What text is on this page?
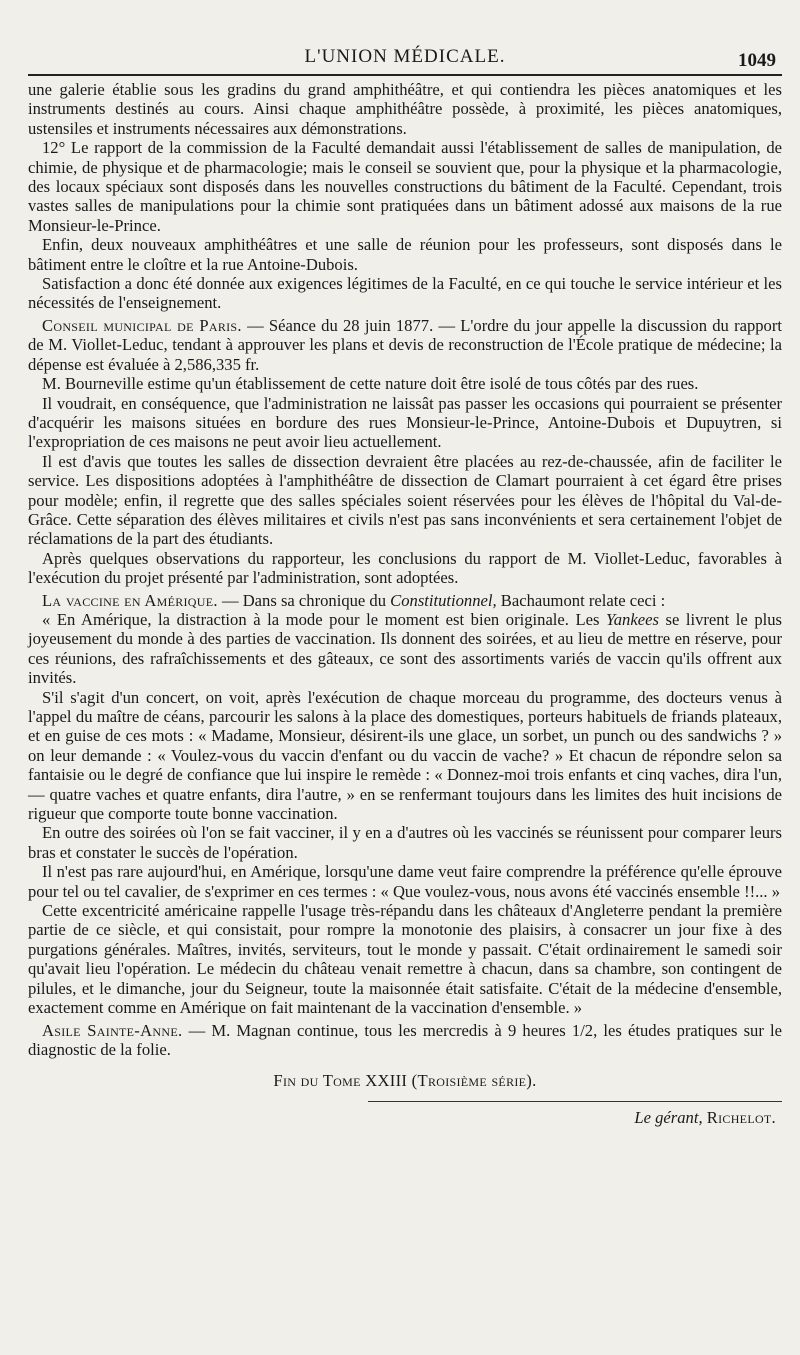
L'UNION MÉDICALE.	1049

une galerie établie sous les gradins du grand amphithéâtre, et qui contiendra les pièces anatomiques et les instruments destinés au cours. Ainsi chaque amphithéâtre possède, à proximité, les pièces anatomiques, ustensiles et instruments nécessaires aux démonstrations.

12° Le rapport de la commission de la Faculté demandait aussi l'établissement de salles de manipulation, de chimie, de physique et de pharmacologie; mais le conseil se souvient que, pour la physique et la pharmacologie, des locaux spéciaux sont disposés dans les nouvelles constructions du bâtiment de la Faculté. Cependant, trois vastes salles de manipulations pour la chimie sont pratiquées dans un bâtiment adossé aux maisons de la rue Monsieur-le-Prince.

Enfin, deux nouveaux amphithéâtres et une salle de réunion pour les professeurs, sont disposés dans le bâtiment entre le cloître et la rue Antoine-Dubois.

Satisfaction a donc été donnée aux exigences légitimes de la Faculté, en ce qui touche le service intérieur et les nécessités de l'enseignement.

Conseil municipal de Paris. — Séance du 28 juin 1877. — L'ordre du jour appelle la discussion du rapport de M. Viollet-Leduc, tendant à approuver les plans et devis de reconstruction de l'École pratique de médecine; la dépense est évaluée à 2,586,335 fr.

M. Bourneville estime qu'un établissement de cette nature doit être isolé de tous côtés par des rues.

Il voudrait, en conséquence, que l'administration ne laissât pas passer les occasions qui pourraient se présenter d'acquérir les maisons situées en bordure des rues Monsieur-le-Prince, Antoine-Dubois et Dupuytren, si l'expropriation de ces maisons ne peut avoir lieu actuellement.

Il est d'avis que toutes les salles de dissection devraient être placées au rez-de-chaussée, afin de faciliter le service. Les dispositions adoptées à l'amphithéâtre de dissection de Clamart pourraient à cet égard être prises pour modèle; enfin, il regrette que des salles spéciales soient réservées pour les élèves de l'hôpital du Val-de-Grâce. Cette séparation des élèves militaires et civils n'est pas sans inconvénients et sera certainement l'objet de réclamations de la part des étudiants.

Après quelques observations du rapporteur, les conclusions du rapport de M. Viollet-Leduc, favorables à l'exécution du projet présenté par l'administration, sont adoptées.

La vaccine en Amérique. — Dans sa chronique du Constitutionnel, Bachaumont relate ceci :

« En Amérique, la distraction à la mode pour le moment est bien originale. Les Yankees se livrent le plus joyeusement du monde à des parties de vaccination. Ils donnent des soirées, et au lieu de mettre en réserve, pour ces réunions, des rafraîchissements et des gâteaux, ce sont des assortiments variés de vaccin qu'ils offrent aux invités.

S'il s'agit d'un concert, on voit, après l'exécution de chaque morceau du programme, des docteurs venus à l'appel du maître de céans, parcourir les salons à la place des domestiques, porteurs habituels de friands plateaux, et en guise de ces mots : « Madame, Monsieur, désirent-ils une glace, un sorbet, un punch ou des sandwichs ? » on leur demande : « Voulez-vous du vaccin d'enfant ou du vaccin de vache? » Et chacun de répondre selon sa fantaisie ou le degré de confiance que lui inspire le remède : « Donnez-moi trois enfants et cinq vaches, dira l'un, — quatre vaches et quatre enfants, dira l'autre, » en se renfermant toujours dans les limites des huit incisions de rigueur que comporte toute bonne vaccination.

En outre des soirées où l'on se fait vacciner, il y en a d'autres où les vaccinés se réunissent pour comparer leurs bras et constater le succès de l'opération.

Il n'est pas rare aujourd'hui, en Amérique, lorsqu'une dame veut faire comprendre la préférence qu'elle éprouve pour tel ou tel cavalier, de s'exprimer en ces termes : « Que voulez-vous, nous avons été vaccinés ensemble !!... »

Cette excentricité américaine rappelle l'usage très-répandu dans les châteaux d'Angleterre pendant la première partie de ce siècle, et qui consistait, pour rompre la monotonie des plaisirs, à consacrer un jour fixe à des purgations générales. Maîtres, invités, serviteurs, tout le monde y passait. C'était ordinairement le samedi soir qu'avait lieu l'opération. Le médecin du château venait remettre à chacun, dans sa chambre, son contingent de pilules, et le dimanche, jour du Seigneur, toute la maisonnée était satisfaite. C'était de la médecine d'ensemble, exactement comme en Amérique on fait maintenant de la vaccination d'ensemble. »

Asile Sainte-Anne. — M. Magnan continue, tous les mercredis à 9 heures 1/2, les études pratiques sur le diagnostic de la folie.

Fin du Tome XXIII (Troisième série).
Le gérant, Richelot.
